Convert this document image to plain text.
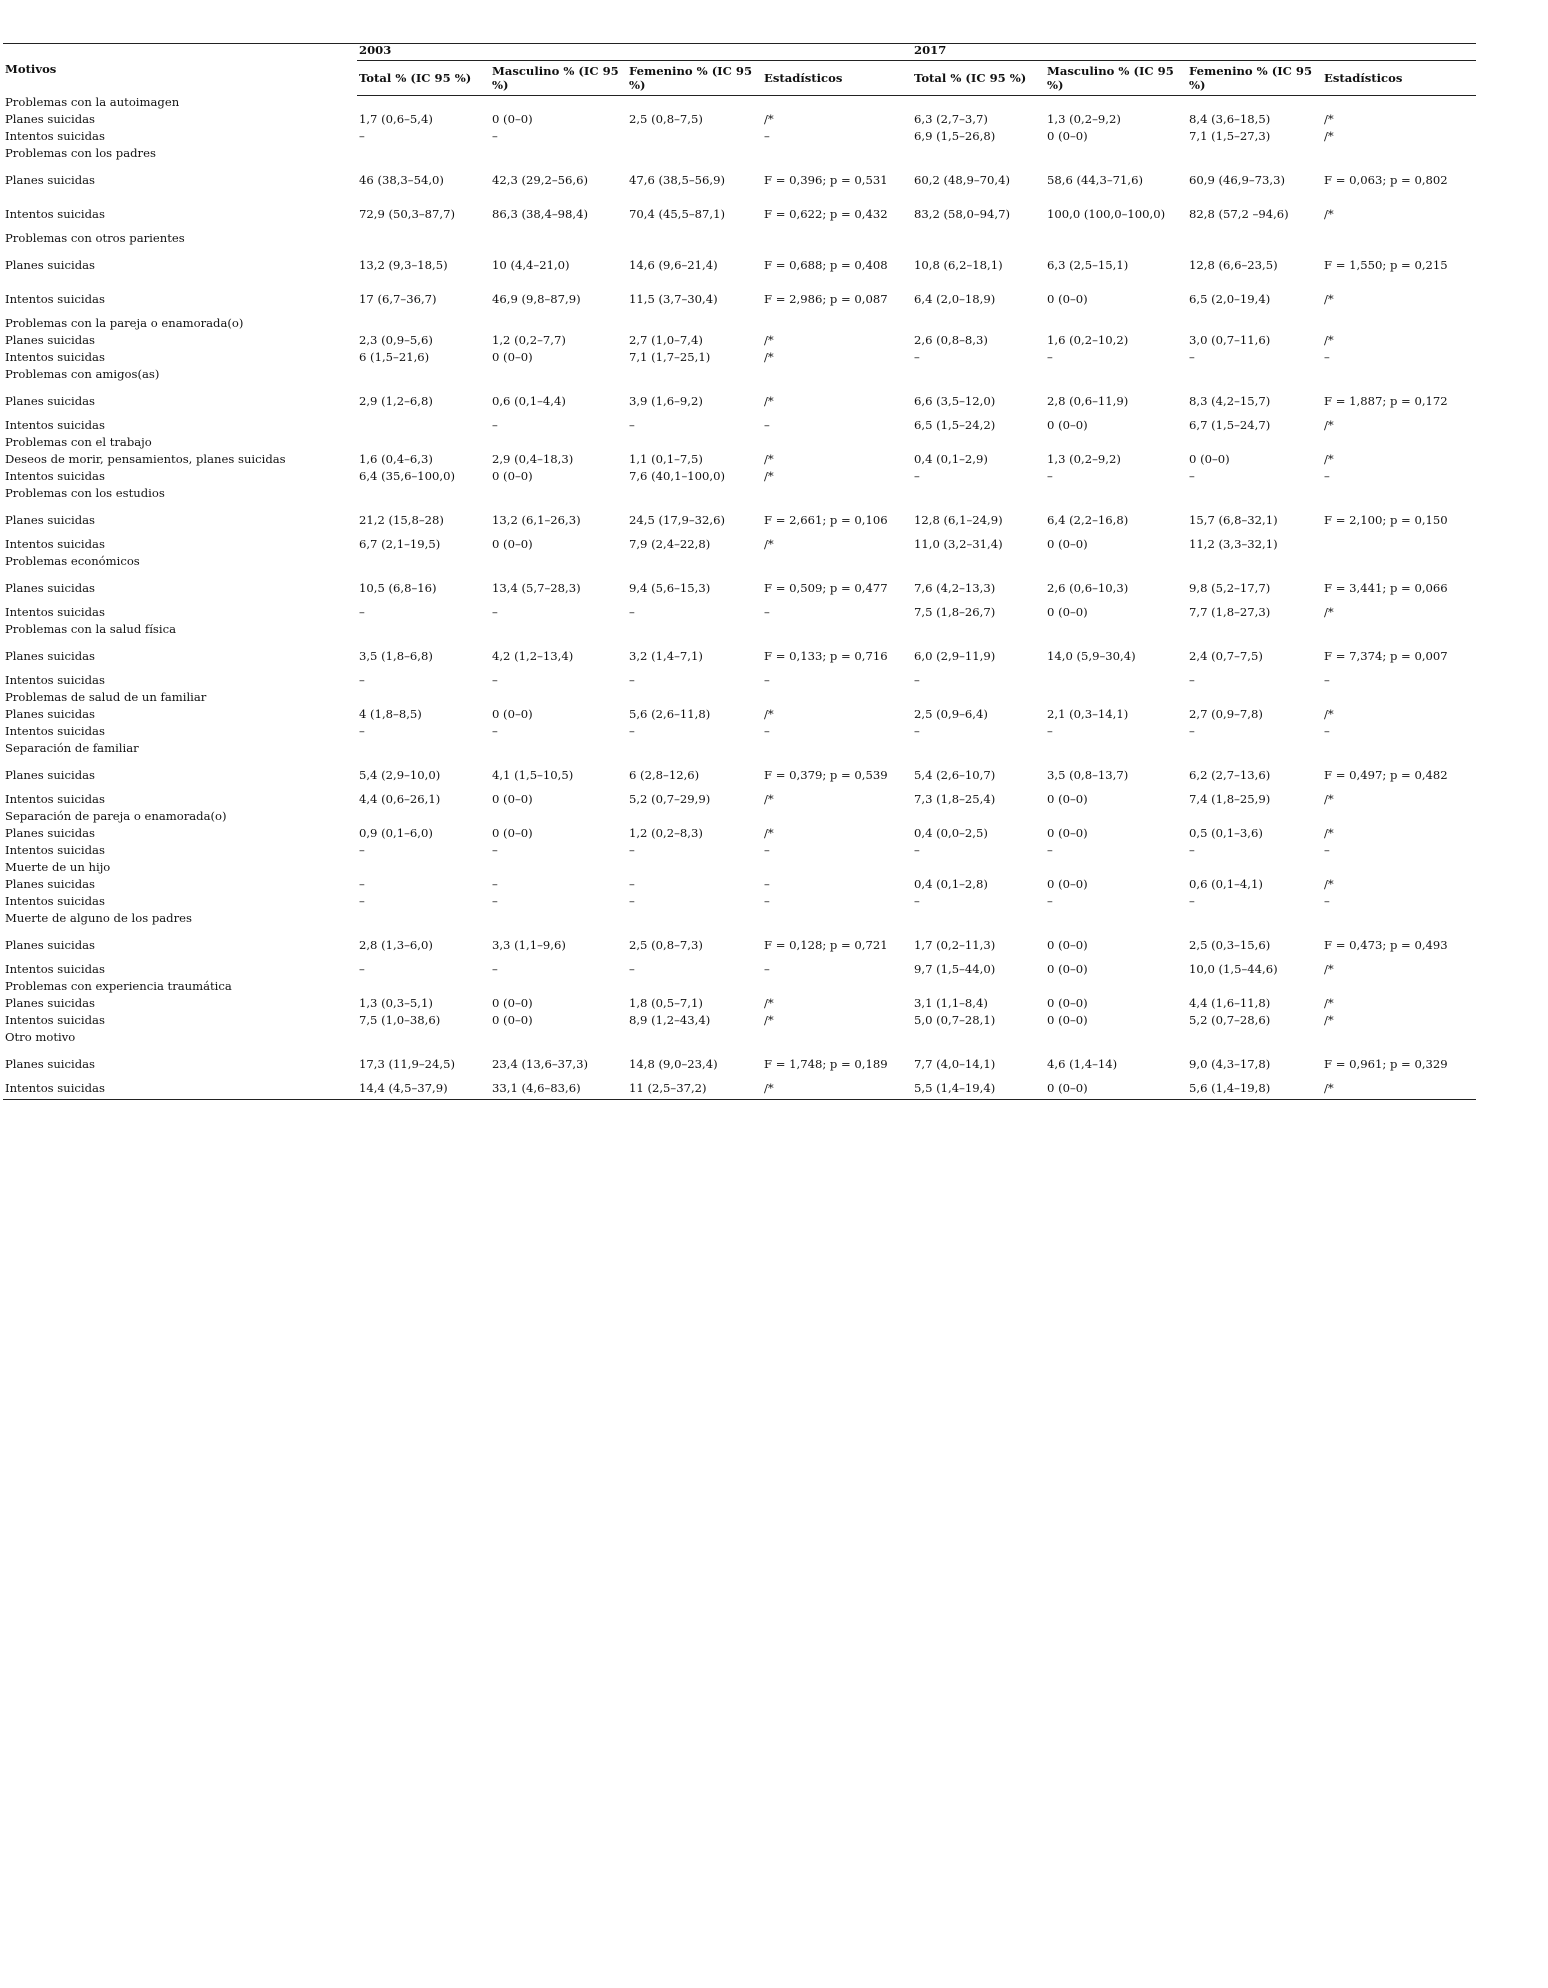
Motivos	2003				2017			
	Total % (IC 95 %)	Masculino % (IC 95 %)	Femenino % (IC 95 %)	Estadísticos	Total % (IC 95 %)	Masculino % (IC 95 %)	Femenino % (IC 95 %)	Estadísticos
Problemas con la autoimagen								
Planes suicidas	1,7 (0,6–5,4)	0 (0–0)	2,5 (0,8–7,5)	/*	6,3 (2,7–3,7)	1,3 (0,2–9,2)	8,4 (3,6–18,5)	/*
Intentos suicidas	–	–		–	6,9 (1,5–26,8)	0 (0–0)	7,1 (1,5–27,3)	/*
Problemas con los padres								
Planes suicidas	46 (38,3–54,0)	42,3 (29,2–56,6)	47,6 (38,5–56,9)	F = 0,396; p = 0,531	60,2 (48,9–70,4)	58,6 (44,3–71,6)	60,9 (46,9–73,3)	F = 0,063; p = 0,802
Intentos suicidas	72,9 (50,3–87,7)	86,3 (38,4–98,4)	70,4 (45,5–87,1)	F = 0,622; p = 0,432	83,2 (58,0–94,7)	100,0 (100,0–100,0)	82,8 (57,2 –94,6)	/*
Problemas con otros parientes								
Planes suicidas	13,2 (9,3–18,5)	10 (4,4–21,0)	14,6 (9,6–21,4)	F = 0,688; p = 0,408	10,8 (6,2–18,1)	6,3 (2,5–15,1)	12,8 (6,6–23,5)	F = 1,550; p = 0,215
Intentos suicidas	17 (6,7–36,7)	46,9 (9,8–87,9)	11,5 (3,7–30,4)	F = 2,986; p = 0,087	6,4 (2,0–18,9)	0 (0–0)	6,5 (2,0–19,4)	/*
Problemas con la pareja o enamorada(o)								
Planes suicidas	2,3 (0,9–5,6)	1,2 (0,2–7,7)	2,7 (1,0–7,4)	/*	2,6 (0,8–8,3)	1,6 (0,2–10,2)	3,0 (0,7–11,6)	/*
Intentos suicidas	6 (1,5–21,6)	0 (0–0)	7,1 (1,7–25,1)	/*	–	–	–	–
Problemas con amigos(as)								
Planes suicidas	2,9 (1,2–6,8)	0,6 (0,1–4,4)	3,9 (1,6–9,2)	/*	6,6 (3,5–12,0)	2,8 (0,6–11,9)	8,3 (4,2–15,7)	F = 1,887; p = 0,172
Intentos suicidas		–	–	–	6,5 (1,5–24,2)	0 (0–0)	6,7 (1,5–24,7)	/*
Problemas con el trabajo								
Deseos de morir, pensamientos, planes suicidas	1,6 (0,4–6,3)	2,9 (0,4–18,3)	1,1 (0,1–7,5)	/*	0,4 (0,1–2,9)	1,3 (0,2–9,2)	0 (0–0)	/*
Intentos suicidas	6,4 (35,6–100,0)	0 (0–0)	7,6 (40,1–100,0)	/*	–	–	–	–
Problemas con los estudios								
Planes suicidas	21,2 (15,8–28)	13,2 (6,1–26,3)	24,5 (17,9–32,6)	F = 2,661; p = 0,106	12,8 (6,1–24,9)	6,4 (2,2–16,8)	15,7 (6,8–32,1)	F = 2,100; p = 0,150
Intentos suicidas	6,7 (2,1–19,5)	0 (0–0)	7,9 (2,4–22,8)	/*	11,0 (3,2–31,4)	0 (0–0)	11,2 (3,3–32,1)	
Problemas económicos								
Planes suicidas	10,5 (6,8–16)	13,4 (5,7–28,3)	9,4 (5,6–15,3)	F = 0,509; p = 0,477	7,6 (4,2–13,3)	2,6 (0,6–10,3)	9,8 (5,2–17,7)	F = 3,441; p = 0,066
Intentos suicidas	–	–	–	–	7,5 (1,8–26,7)	0 (0–0)	7,7 (1,8–27,3)	/*
Problemas con la salud física								
Planes suicidas	3,5 (1,8–6,8)	4,2 (1,2–13,4)	3,2 (1,4–7,1)	F = 0,133; p = 0,716	6,0 (2,9–11,9)	14,0 (5,9–30,4)	2,4 (0,7–7,5)	F = 7,374; p = 0,007
Intentos suicidas	–	–	–	–	–		–	–
Problemas de salud de un familiar								
Planes suicidas	4 (1,8–8,5)	0 (0–0)	5,6 (2,6–11,8)	/*	2,5 (0,9–6,4)	2,1 (0,3–14,1)	2,7 (0,9–7,8)	/*
Intentos suicidas	–	–	–	–	–	–	–	–
Separación de familiar								
Planes suicidas	5,4 (2,9–10,0)	4,1 (1,5–10,5)	6 (2,8–12,6)	F = 0,379; p = 0,539	5,4 (2,6–10,7)	3,5 (0,8–13,7)	6,2 (2,7–13,6)	F = 0,497; p = 0,482
Intentos suicidas	4,4 (0,6–26,1)	0 (0–0)	5,2 (0,7–29,9)	/*	7,3 (1,8–25,4)	0 (0–0)	7,4 (1,8–25,9)	/*
Separación de pareja o enamorada(o)								
Planes suicidas	0,9 (0,1–6,0)	0 (0–0)	1,2 (0,2–8,3)	/*	0,4 (0,0–2,5)	0 (0–0)	0,5 (0,1–3,6)	/*
Intentos suicidas	–	–	–	–	–	–	–	–
Muerte de un hijo								
Planes suicidas	–	–	–	–	0,4 (0,1–2,8)	0 (0–0)	0,6 (0,1–4,1)	/*
Intentos suicidas	–	–	–	–	–	–	–	–
Muerte de alguno de los padres								
Planes suicidas	2,8 (1,3–6,0)	3,3 (1,1–9,6)	2,5 (0,8–7,3)	F = 0,128; p = 0,721	1,7 (0,2–11,3)	0 (0–0)	2,5 (0,3–15,6)	F = 0,473; p = 0,493
Intentos suicidas	–	–	–	–	9,7 (1,5–44,0)	0 (0–0)	10,0 (1,5–44,6)	/*
Problemas con experiencia traumática								
Planes suicidas	1,3 (0,3–5,1)	0 (0–0)	1,8 (0,5–7,1)	/*	3,1 (1,1–8,4)	0 (0–0)	4,4 (1,6–11,8)	/*
Intentos suicidas	7,5 (1,0–38,6)	0 (0–0)	8,9 (1,2–43,4)	/*	5,0 (0,7–28,1)	0 (0–0)	5,2 (0,7–28,6)	/*
Otro motivo								
Planes suicidas	17,3 (11,9–24,5)	23,4 (13,6–37,3)	14,8 (9,0–23,4)	F = 1,748; p = 0,189	7,7 (4,0–14,1)	4,6 (1,4–14)	9,0 (4,3–17,8)	F = 0,961; p = 0,329
Intentos suicidas	14,4 (4,5–37,9)	33,1 (4,6–83,6)	11 (2,5–37,2)	/*	5,5 (1,4–19,4)	0 (0–0)	5,6 (1,4–19,8)	/*
